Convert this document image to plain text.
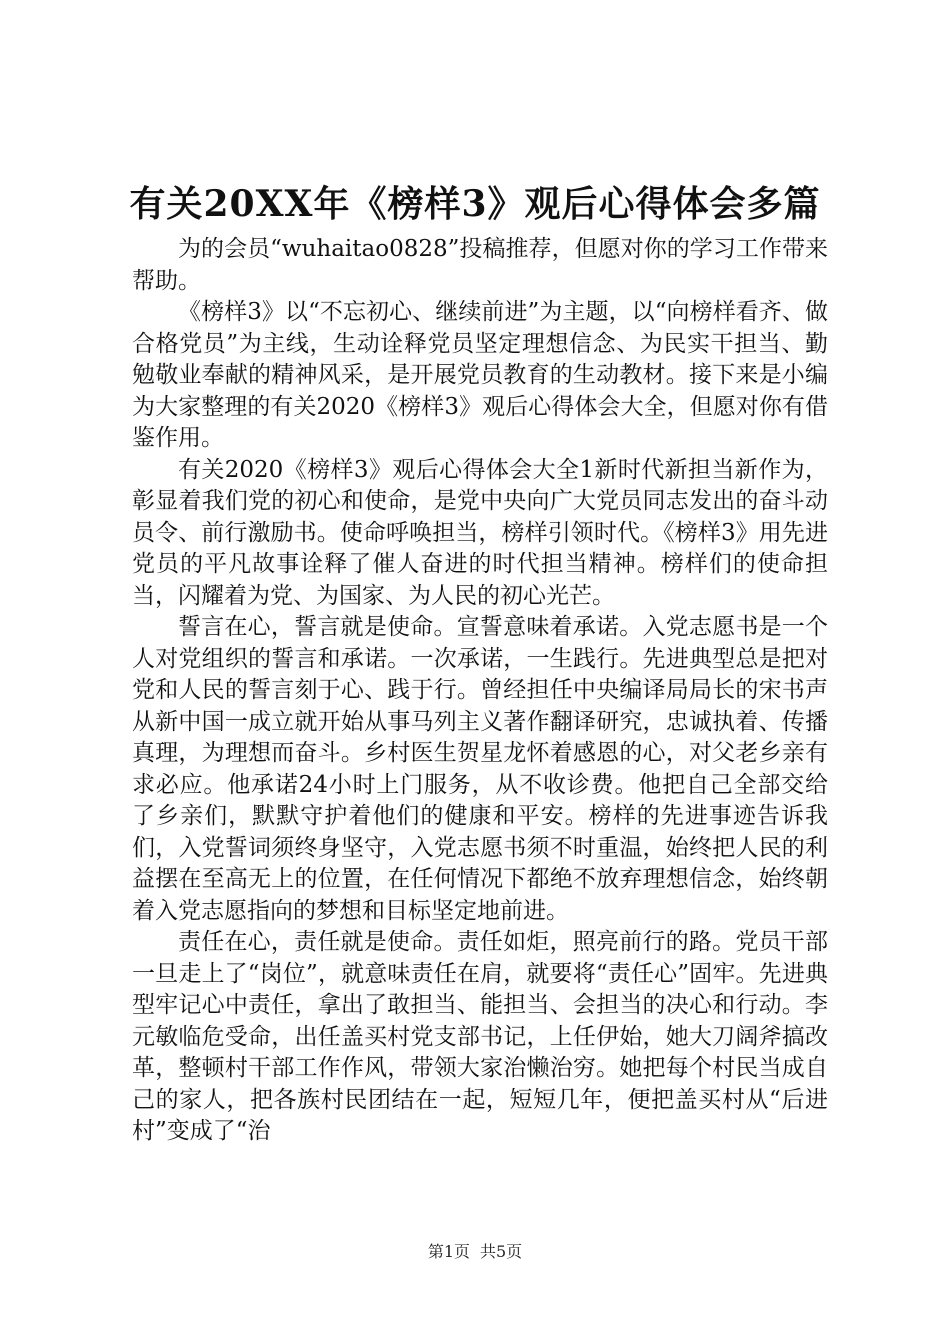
有关20XX年《榜样3》观后心得体会多篇

为的会员“wuhaitao0828”投稿推荐，但愿对你的学习工作带来帮助。

《榜样3》以“不忘初心、继续前进”为主题，以“向榜样看齐、做合格党员”为主线，生动诠释党员坚定理想信念、为民实干担当、勤勉敬业奉献的精神风采，是开展党员教育的生动教材。接下来是小编为大家整理的有关2020《榜样3》观后心得体会大全，但愿对你有借鉴作用。

有关2020《榜样3》观后心得体会大全1新时代新担当新作为，彰显着我们党的初心和使命，是党中央向广大党员同志发出的奋斗动员令、前行激励书。使命呼唤担当，榜样引领时代。《榜样3》用先进党员的平凡故事诠释了催人奋进的时代担当精神。榜样们的使命担当，闪耀着为党、为国家、为人民的初心光芒。

誓言在心，誓言就是使命。宣誓意味着承诺。入党志愿书是一个人对党组织的誓言和承诺。一次承诺，一生践行。先进典型总是把对党和人民的誓言刻于心、践于行。曾经担任中央编译局局长的宋书声从新中国一成立就开始从事马列主义著作翻译研究，忠诚执着、传播真理，为理想而奋斗。乡村医生贺星龙怀着感恩的心，对父老乡亲有求必应。他承诺24小时上门服务，从不收诊费。他把自己全部交给了乡亲们，默默守护着他们的健康和平安。榜样的先进事迹告诉我们，入党誓词须终身坚守，入党志愿书须不时重温，始终把人民的利益摆在至高无上的位置，在任何情况下都绝不放弃理想信念，始终朝着入党志愿指向的梦想和目标坚定地前进。

责任在心，责任就是使命。责任如炬，照亮前行的路。党员干部一旦走上了“岗位”，就意味责任在肩，就要将“责任心”固牢。先进典型牢记心中责任，拿出了敢担当、能担当、会担当的决心和行动。李元敏临危受命，出任盖买村党支部书记，上任伊始，她大刀阔斧搞改革，整顿村干部工作作风，带领大家治懒治穷。她把每个村民当成自己的家人，把各族村民团结在一起，短短几年，便把盖买村从“后进村”变成了“治

第1页 共5页
